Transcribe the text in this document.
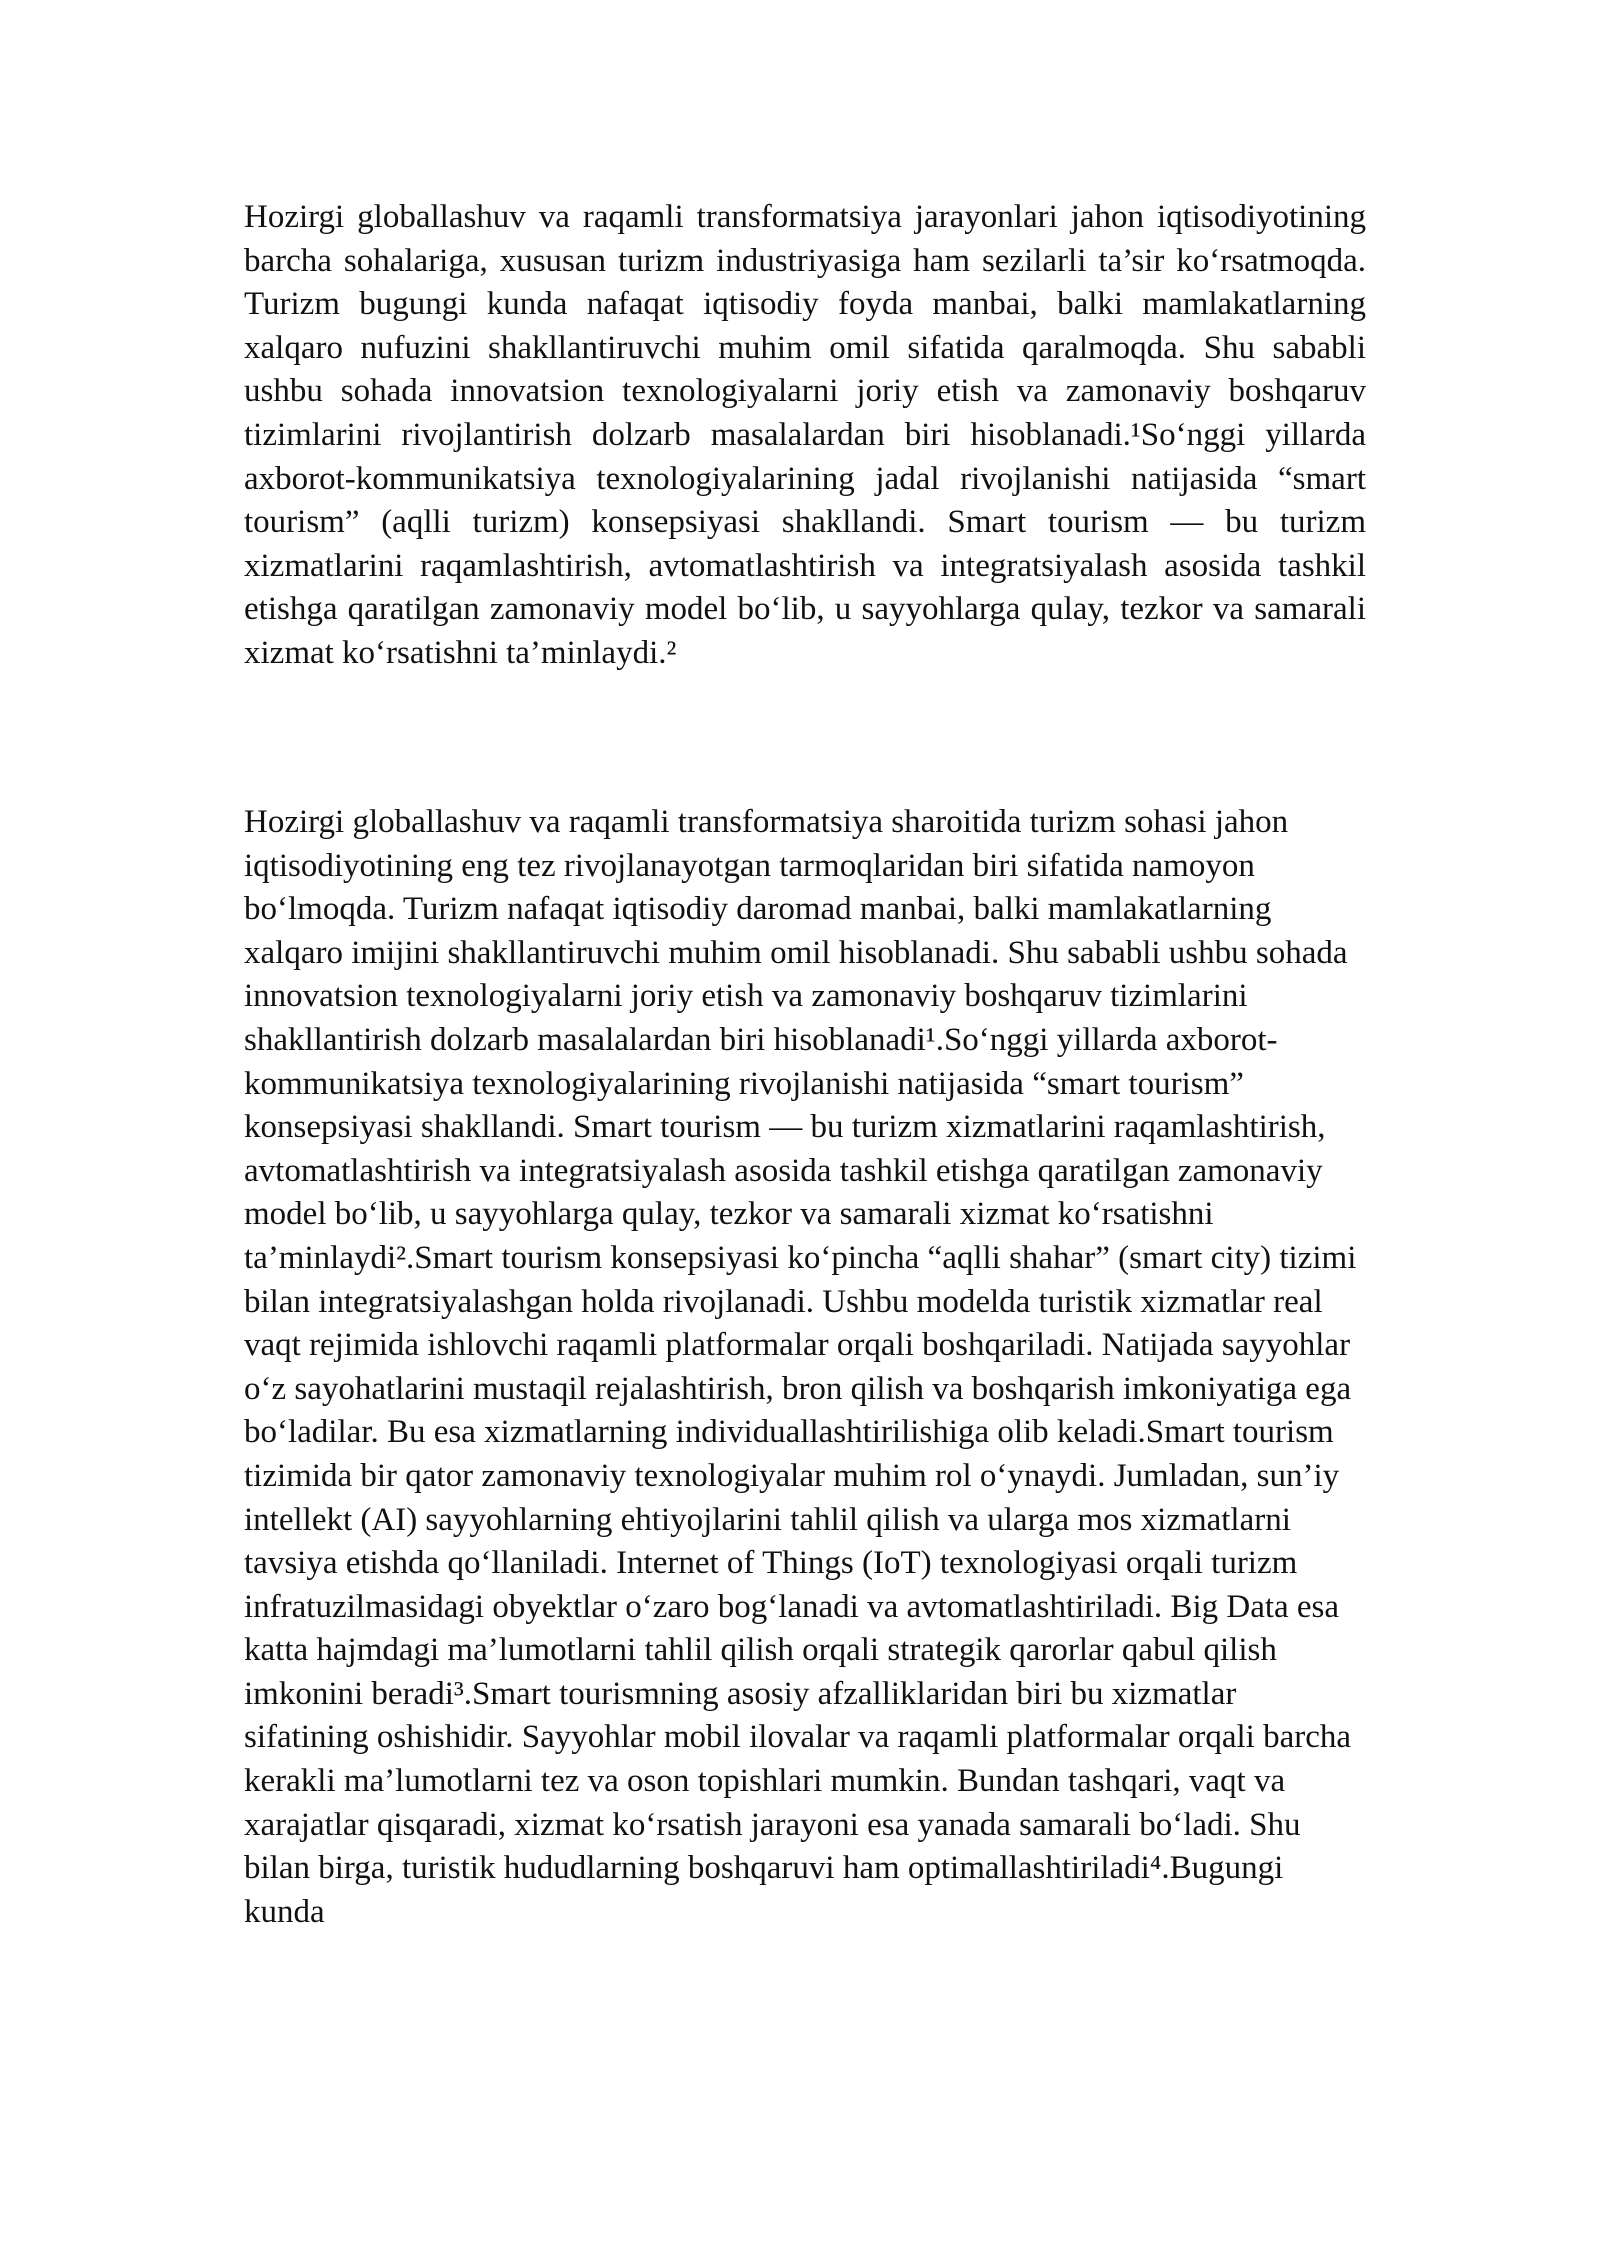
Hozirgi globallashuv va raqamli transformatsiya jarayonlari jahon iqtisodiyotining barcha sohalariga, xususan turizm industriyasiga ham sezilarli ta’sir ko‘rsatmoqda. Turizm bugungi kunda nafaqat iqtisodiy foyda manbai, balki mamlakatlarning xalqaro nufuzini shakllantiruvchi muhim omil sifatida qaralmoqda. Shu sababli ushbu sohada innovatsion texnologiyalarni joriy etish va zamonaviy boshqaruv tizimlarini rivojlantirish dolzarb masalalardan biri hisoblanadi.¹So‘nggi yillarda axborot-kommunikatsiya texnologiyalarining jadal rivojlanishi natijasida “smart tourism” (aqlli turizm) konsepsiyasi shakllandi. Smart tourism — bu turizm xizmatlarini raqamlashtirish, avtomatlashtirish va integratsiyalash asosida tashkil etishga qaratilgan zamonaviy model bo‘lib, u sayyohlarga qulay, tezkor va samarali xizmat ko‘rsatishni ta’minlaydi.²

Hozirgi globallashuv va raqamli transformatsiya sharoitida turizm sohasi jahon iqtisodiyotining eng tez rivojlanayotgan tarmoqlaridan biri sifatida namoyon bo‘lmoqda. Turizm nafaqat iqtisodiy daromad manbai, balki mamlakatlarning xalqaro imijini shakllantiruvchi muhim omil hisoblanadi. Shu sababli ushbu sohada innovatsion texnologiyalarni joriy etish va zamonaviy boshqaruv tizimlarini shakllantirish dolzarb masalalardan biri hisoblanadi¹.So‘nggi yillarda axborot-kommunikatsiya texnologiyalarining rivojlanishi natijasida “smart tourism” konsepsiyasi shakllandi. Smart tourism — bu turizm xizmatlarini raqamlashtirish, avtomatlashtirish va integratsiyalash asosida tashkil etishga qaratilgan zamonaviy model bo‘lib, u sayyohlarga qulay, tezkor va samarali xizmat ko‘rsatishni ta’minlaydi².Smart tourism konsepsiyasi ko‘pincha “aqlli shahar” (smart city) tizimi bilan integratsiyalashgan holda rivojlanadi. Ushbu modelda turistik xizmatlar real vaqt rejimida ishlovchi raqamli platformalar orqali boshqariladi. Natijada sayyohlar o‘z sayohatlarini mustaqil rejalashtirish, bron qilish va boshqarish imkoniyatiga ega bo‘ladilar. Bu esa xizmatlarning individuallashtirilishiga olib keladi.Smart tourism tizimida bir qator zamonaviy texnologiyalar muhim rol o‘ynaydi. Jumladan, sun’iy intellekt (AI) sayyohlarning ehtiyojlarini tahlil qilish va ularga mos xizmatlarni tavsiya etishda qo‘llaniladi. Internet of Things (IoT) texnologiyasi orqali turizm infratuzilmasidagi obyektlar o‘zaro bog‘lanadi va avtomatlashtiriladi. Big Data esa katta hajmdagi ma’lumotlarni tahlil qilish orqali strategik qarorlar qabul qilish imkonini beradi³.Smart tourismning asosiy afzalliklaridan biri bu xizmatlar sifatining oshishidir. Sayyohlar mobil ilovalar va raqamli platformalar orqali barcha kerakli ma’lumotlarni tez va oson topishlari mumkin. Bundan tashqari, vaqt va xarajatlar qisqaradi, xizmat ko‘rsatish jarayoni esa yanada samarali bo‘ladi. Shu bilan birga, turistik hududlarning boshqaruvi ham optimallashtiriladi⁴.Bugungi kunda
